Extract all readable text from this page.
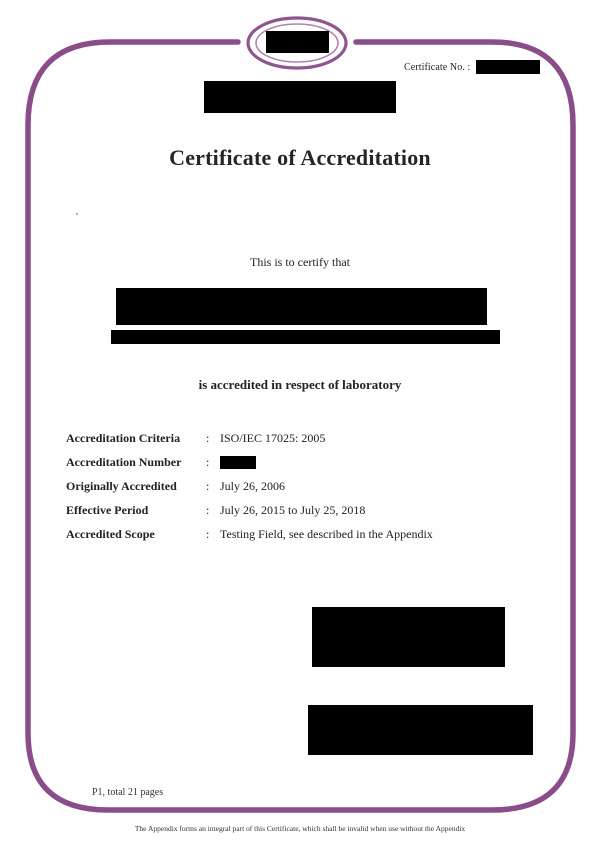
Certificate No. :
Certificate of Accreditation
This is to certify that
is accredited in respect of laboratory
Accreditation Criteria	: ISO/IEC 17025: 2005
Accreditation Number	:
Originally Accredited	: July 26, 2006
Effective Period	: July 26, 2015 to July 25, 2018
Accredited Scope	: Testing Field, see described in the Appendix
P1, total 21 pages
The Appendix forms an integral part of this Certificate, which shall be invalid when use without the Appendix
